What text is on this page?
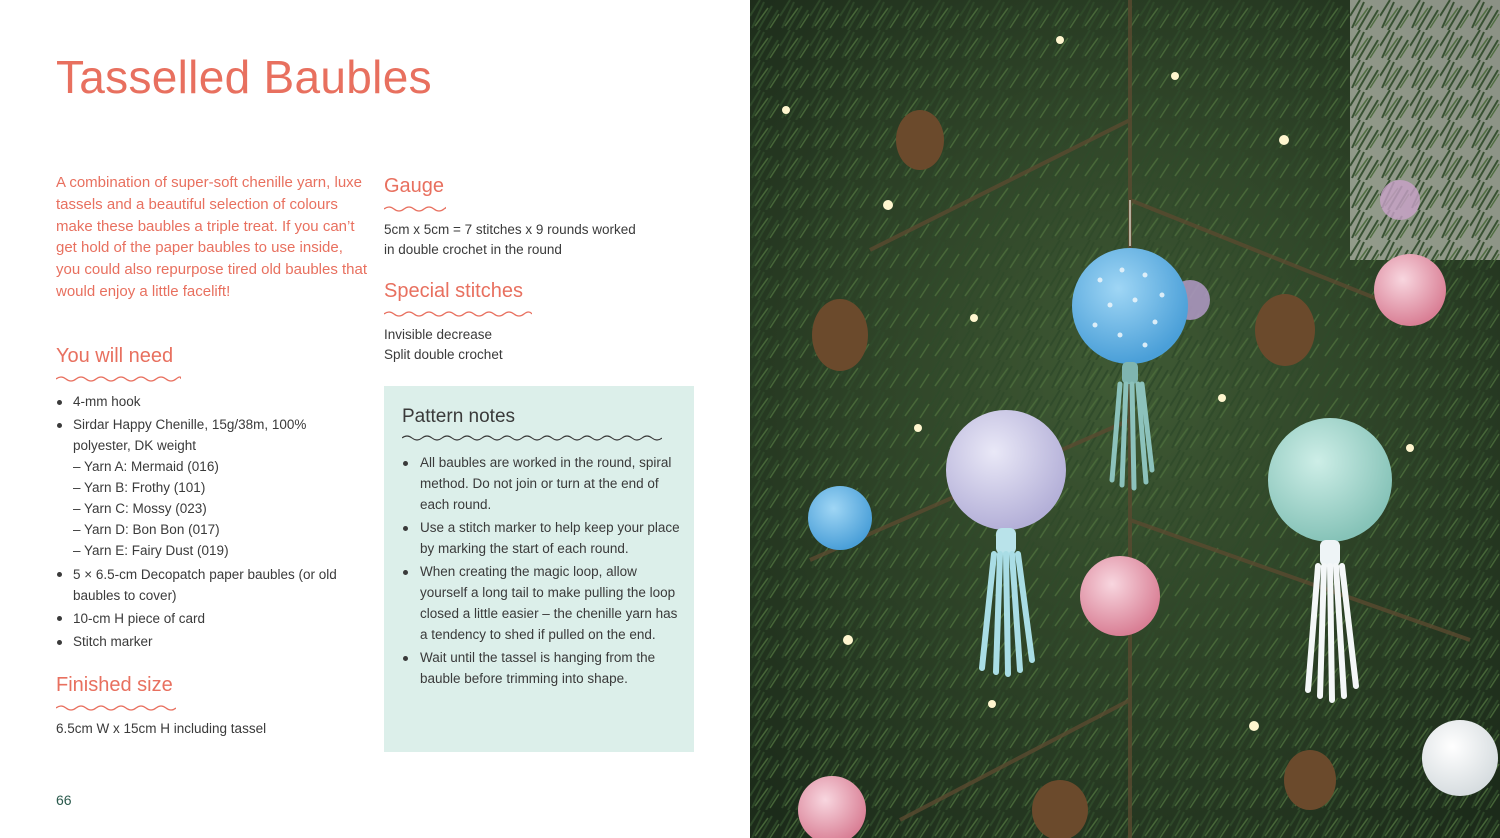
Tasselled Baubles

A combination of super-soft chenille yarn, luxe tassels and a beautiful selection of colours make these baubles a triple treat. If you can’t get hold of the paper baubles to use inside, you could also repurpose tired old baubles that would enjoy a little facelift!

You will need
4-mm hook
Sirdar Happy Chenille, 15g/38m, 100% polyester, DK weight
– Yarn A: Mermaid (016)
– Yarn B: Frothy (101)
– Yarn C: Mossy (023)
– Yarn D: Bon Bon (017)
– Yarn E: Fairy Dust (019)
5 × 6.5-cm Decopatch paper baubles (or old baubles to cover)
10-cm H piece of card
Stitch marker
Finished size

6.5cm W x 15cm H including tassel

Gauge

5cm x 5cm = 7 stitches x 9 rounds worked in double crochet in the round

Special stitches
Invisible decrease
Split double crochet
Pattern notes
All baubles are worked in the round, spiral method. Do not join or turn at the end of each round.
Use a stitch marker to help keep your place by marking the start of each round.
When creating the magic loop, allow yourself a long tail to make pulling the loop closed a little easier – the chenille yarn has a tendency to shed if pulled on the end.
Wait until the tassel is hanging from the bauble before trimming into shape.

66
